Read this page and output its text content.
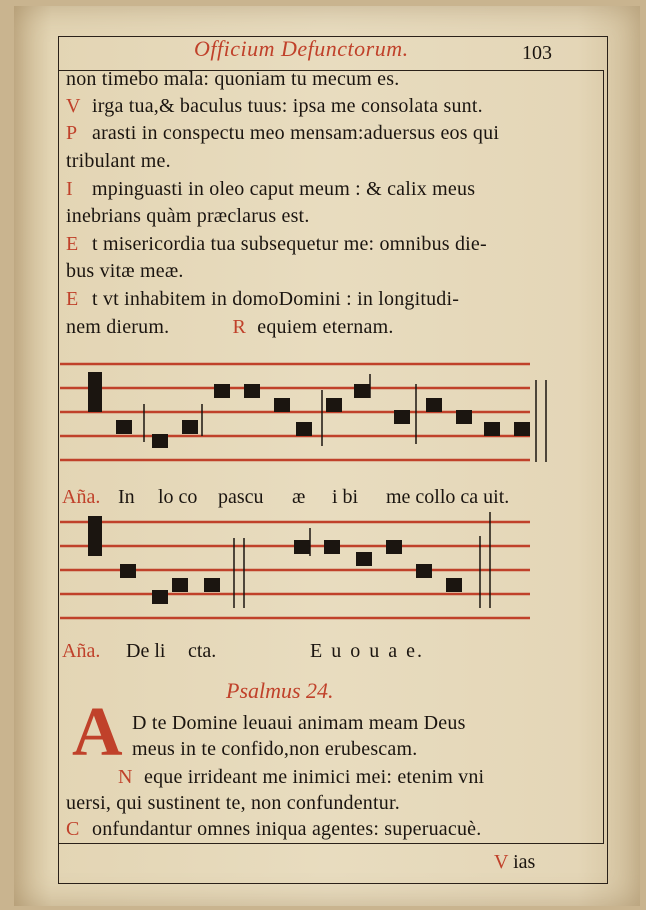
Officium Defunctorum.	103
non timebo mala: quoniam tu mecum es.
V irga tua,& baculus tuus: ipsa me consolata sunt.
P arasti in conspectu meo mensam:aduersus eos qui
tribulant me.
I mpinguasti in oleo caput meum : & calix meus
inebrians quàm præclarus est.
E t misericordia tua subsequetur me: omnibus die-
bus vitæ meæ.
E t vt inhabitem in domoDomini : in longitudi-
nem dierum.	R equiem eternam.
Aña. In lo co pascu æ i bi me collo ca uit.
Aña. De li cta.	E u o u a e.
Psalmus 24.
A D te Domine leuaui animam meam Deus
meus in te confido,non erubescam.
N eque irrideant me inimici mei: etenim vni
uersi, qui sustinent te, non confundentur.
C onfundantur omnes iniqua agentes: superuacuè.
V ias
